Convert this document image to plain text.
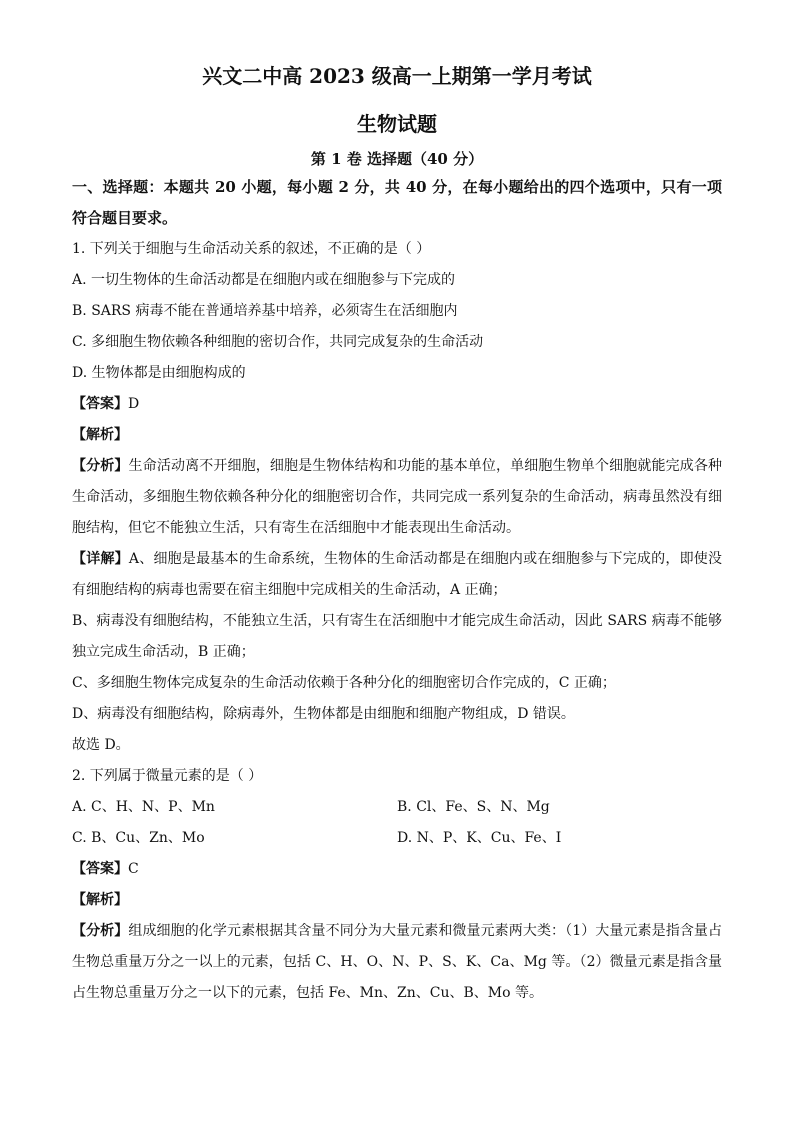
兴文二中高 2023 级高一上期第一学月考试
生物试题
第 1 卷 选择题（40 分）
一、选择题：本题共 20 小题，每小题 2 分，共 40 分，在每小题给出的四个选项中，只有一项符合题目要求。
1. 下列关于细胞与生命活动关系的叙述，不正确的是（ ）
A. 一切生物体的生命活动都是在细胞内或在细胞参与下完成的
B. SARS 病毒不能在普通培养基中培养，必须寄生在活细胞内
C. 多细胞生物依赖各种细胞的密切合作，共同完成复杂的生命活动
D. 生物体都是由细胞构成的
【答案】D
【解析】
【分析】生命活动离不开细胞，细胞是生物体结构和功能的基本单位，单细胞生物单个细胞就能完成各种生命活动，多细胞生物依赖各种分化的细胞密切合作，共同完成一系列复杂的生命活动，病毒虽然没有细胞结构，但它不能独立生活，只有寄生在活细胞中才能表现出生命活动。
【详解】A、细胞是最基本的生命系统，生物体的生命活动都是在细胞内或在细胞参与下完成的，即使没有细胞结构的病毒也需要在宿主细胞中完成相关的生命活动，A 正确；
B、病毒没有细胞结构，不能独立生活，只有寄生在活细胞中才能完成生命活动，因此 SARS 病毒不能够独立完成生命活动，B 正确；
C、多细胞生物体完成复杂的生命活动依赖于各种分化的细胞密切合作完成的，C 正确；
D、病毒没有细胞结构，除病毒外，生物体都是由细胞和细胞产物组成，D 错误。
故选 D。
2. 下列属于微量元素的是（ ）
A. C、H、N、P、Mn	B. Cl、Fe、S、N、Mg
C. B、Cu、Zn、Mo	D. N、P、K、Cu、Fe、I
【答案】C
【解析】
【分析】组成细胞的化学元素根据其含量不同分为大量元素和微量元素两大类：（1）大量元素是指含量占生物总重量万分之一以上的元素，包括 C、H、O、N、P、S、K、Ca、Mg 等。（2）微量元素是指含量占生物总重量万分之一以下的元素，包括 Fe、Mn、Zn、Cu、B、Mo 等。
